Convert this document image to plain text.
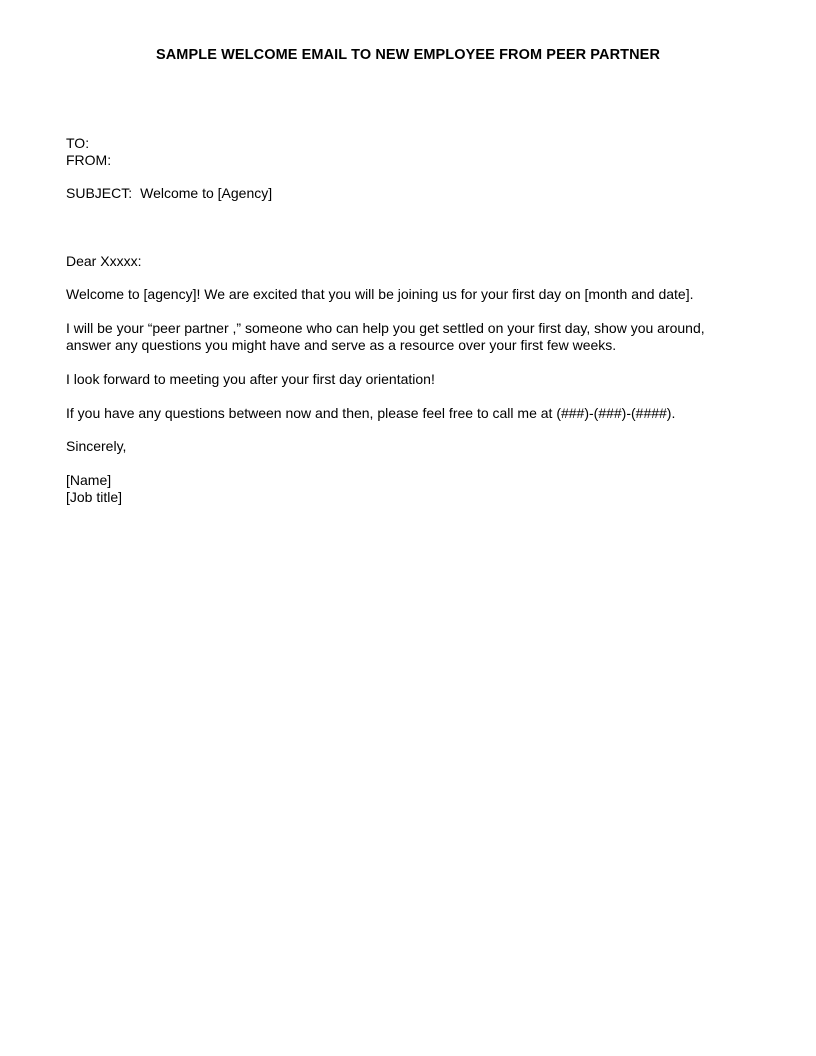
SAMPLE WELCOME EMAIL TO NEW EMPLOYEE FROM PEER PARTNER
TO:
FROM:
SUBJECT: Welcome to [Agency]
Dear Xxxxx:
Welcome to [agency]! We are excited that you will be joining us for your first day on [month and date].
I will be your “peer partner ,” someone who can help you get settled on your first day, show you around,
answer any questions you might have and serve as a resource over your first few weeks.
I look forward to meeting you after your first day orientation!
If you have any questions between now and then, please feel free to call me at (###)-(###)-(####).
Sincerely,
[Name]
[Job title]
